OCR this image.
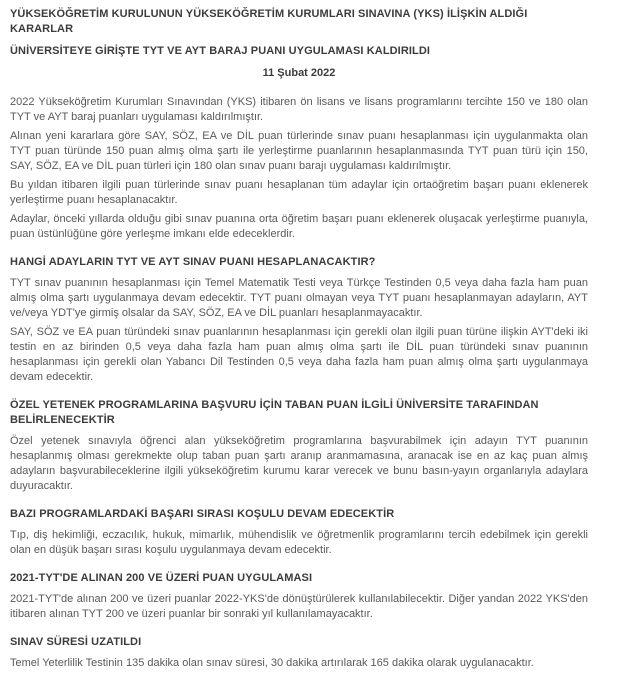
YÜKSEKÖĞRETİM KURULUNUN YÜKSEKÖĞRETİM KURUMLARI SINAVINA (YKS) İLİŞKİN ALDIĞI KARARLAR
ÜNİVERSİTEYE GİRİŞTE TYT VE AYT BARAJ PUANI UYGULAMASI KALDIRILDI
11 Şubat 2022

2022 Yükseköğretim Kurumları Sınavından (YKS) itibaren ön lisans ve lisans programlarını tercihte 150 ve 180 olan TYT ve AYT baraj puanları uygulaması kaldırılmıştır.

Alınan yeni kararlara göre SAY, SÖZ, EA ve DİL puan türlerinde sınav puanı hesaplanması için uygulanmakta olan TYT puan türünde 150 puan almış olma şartı ile yerleştirme puanlarının hesaplanmasında TYT puan türü için 150, SAY, SÖZ, EA ve DİL puan türleri için 180 olan sınav puanı barajı uygulaması kaldırılmıştır.

Bu yıldan itibaren ilgili puan türlerinde sınav puanı hesaplanan tüm adaylar için ortaöğretim başarı puanı eklenerek yerleştirme puanı hesaplanacaktır.

Adaylar, önceki yıllarda olduğu gibi sınav puanına orta öğretim başarı puanı eklenerek oluşacak yerleştirme puanıyla, puan üstünlüğüne göre yerleşme imkanı elde edeceklerdir.

HANGİ ADAYLARIN TYT VE AYT SINAV PUANI HESAPLANACAKTIR?

TYT sınav puanının hesaplanması için Temel Matematik Testi veya Türkçe Testinden 0,5 veya daha fazla ham puan almış olma şartı uygulanmaya devam edecektir. TYT puanı olmayan veya TYT puanı hesaplanmayan adayların, AYT ve/veya YDT'ye girmiş olsalar da SAY, SÖZ, EA ve DİL puanları hesaplanmayacaktır.

SAY, SÖZ ve EA puan türündeki sınav puanlarının hesaplanması için gerekli olan ilgili puan türüne ilişkin AYT'deki iki testin en az birinden 0,5 veya daha fazla ham puan almış olma şartı ile DİL puan türündeki sınav puanının hesaplanması için gerekli olan Yabancı Dil Testinden 0,5 veya daha fazla ham puan almış olma şartı uygulanmaya devam edecektir.

ÖZEL YETENEK PROGRAMLARINA BAŞVURU İÇİN TABAN PUAN İLGİLİ ÜNİVERSİTE TARAFINDAN BELİRLENECEKTİR

Özel yetenek sınavıyla öğrenci alan yükseköğretim programlarına başvurabilmek için adayın TYT puanının hesaplanmış olması gerekmekte olup taban puan şartı aranıp aranmamasına, aranacak ise en az kaç puan almış adayların başvurabileceklerine ilgili yükseköğretim kurumu karar verecek ve bunu basın-yayın organlarıyla adaylara duyuracaktır.

BAZI PROGRAMLARDAKİ BAŞARI SIRASI KOŞULU DEVAM EDECEKTİR

Tıp, diş hekimliği, eczacılık, hukuk, mimarlık, mühendislik ve öğretmenlik programlarını tercih edebilmek için gerekli olan en düşük başarı sırası koşulu uygulanmaya devam edecektir.

2021-TYT'DE ALINAN 200 VE ÜZERİ PUAN UYGULAMASI

2021-TYT'de alınan 200 ve üzeri puanlar 2022-YKS'de dönüştürülerek kullanılabilecektir. Diğer yandan 2022 YKS'den itibaren alınan TYT 200 ve üzeri puanlar bir sonraki yıl kullanılamayacaktır.

SINAV SÜRESİ UZATILDI

Temel Yeterlilik Testinin 135 dakika olan sınav süresi, 30 dakika artırılarak 165 dakika olarak uygulanacaktır.
